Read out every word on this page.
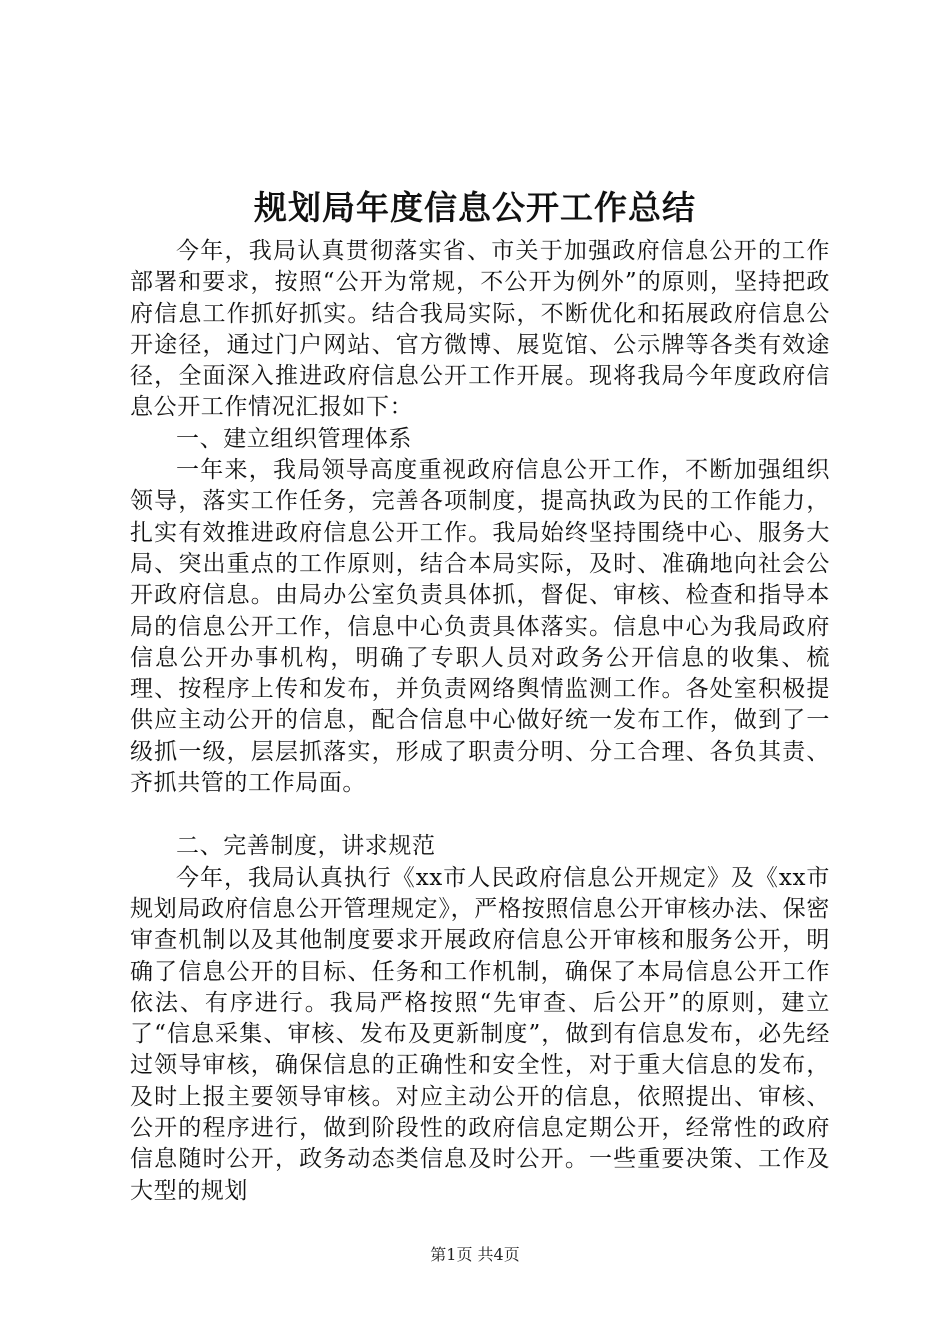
规划局年度信息公开工作总结

今年，我局认真贯彻落实省、市关于加强政府信息公开的工作部署和要求，按照“公开为常规，不公开为例外”的原则，坚持把政府信息工作抓好抓实。结合我局实际，不断优化和拓展政府信息公开途径，通过门户网站、官方微博、展览馆、公示牌等各类有效途径，全面深入推进政府信息公开工作开展。现将我局今年度政府信息公开工作情况汇报如下：

一、建立组织管理体系

一年来，我局领导高度重视政府信息公开工作，不断加强组织领导，落实工作任务，完善各项制度，提高执政为民的工作能力，扎实有效推进政府信息公开工作。我局始终坚持围绕中心、服务大局、突出重点的工作原则，结合本局实际，及时、准确地向社会公开政府信息。由局办公室负责具体抓，督促、审核、检查和指导本局的信息公开工作，信息中心负责具体落实。信息中心为我局政府信息公开办事机构，明确了专职人员对政务公开信息的收集、梳理、按程序上传和发布，并负责网络舆情监测工作。各处室积极提供应主动公开的信息，配合信息中心做好统一发布工作，做到了一级抓一级，层层抓落实，形成了职责分明、分工合理、各负其责、齐抓共管的工作局面。

二、完善制度，讲求规范

今年，我局认真执行《xx市人民政府信息公开规定》及《xx市规划局政府信息公开管理规定》，严格按照信息公开审核办法、保密审查机制以及其他制度要求开展政府信息公开审核和服务公开，明确了信息公开的目标、任务和工作机制，确保了本局信息公开工作依法、有序进行。我局严格按照“先审查、后公开”的原则，建立了“信息采集、审核、发布及更新制度”，做到有信息发布，必先经过领导审核，确保信息的正确性和安全性，对于重大信息的发布，及时上报主要领导审核。对应主动公开的信息，依照提出、审核、公开的程序进行，做到阶段性的政府信息定期公开，经常性的政府信息随时公开，政务动态类信息及时公开。一些重要决策、工作及大型的规划

第1页 共4页
